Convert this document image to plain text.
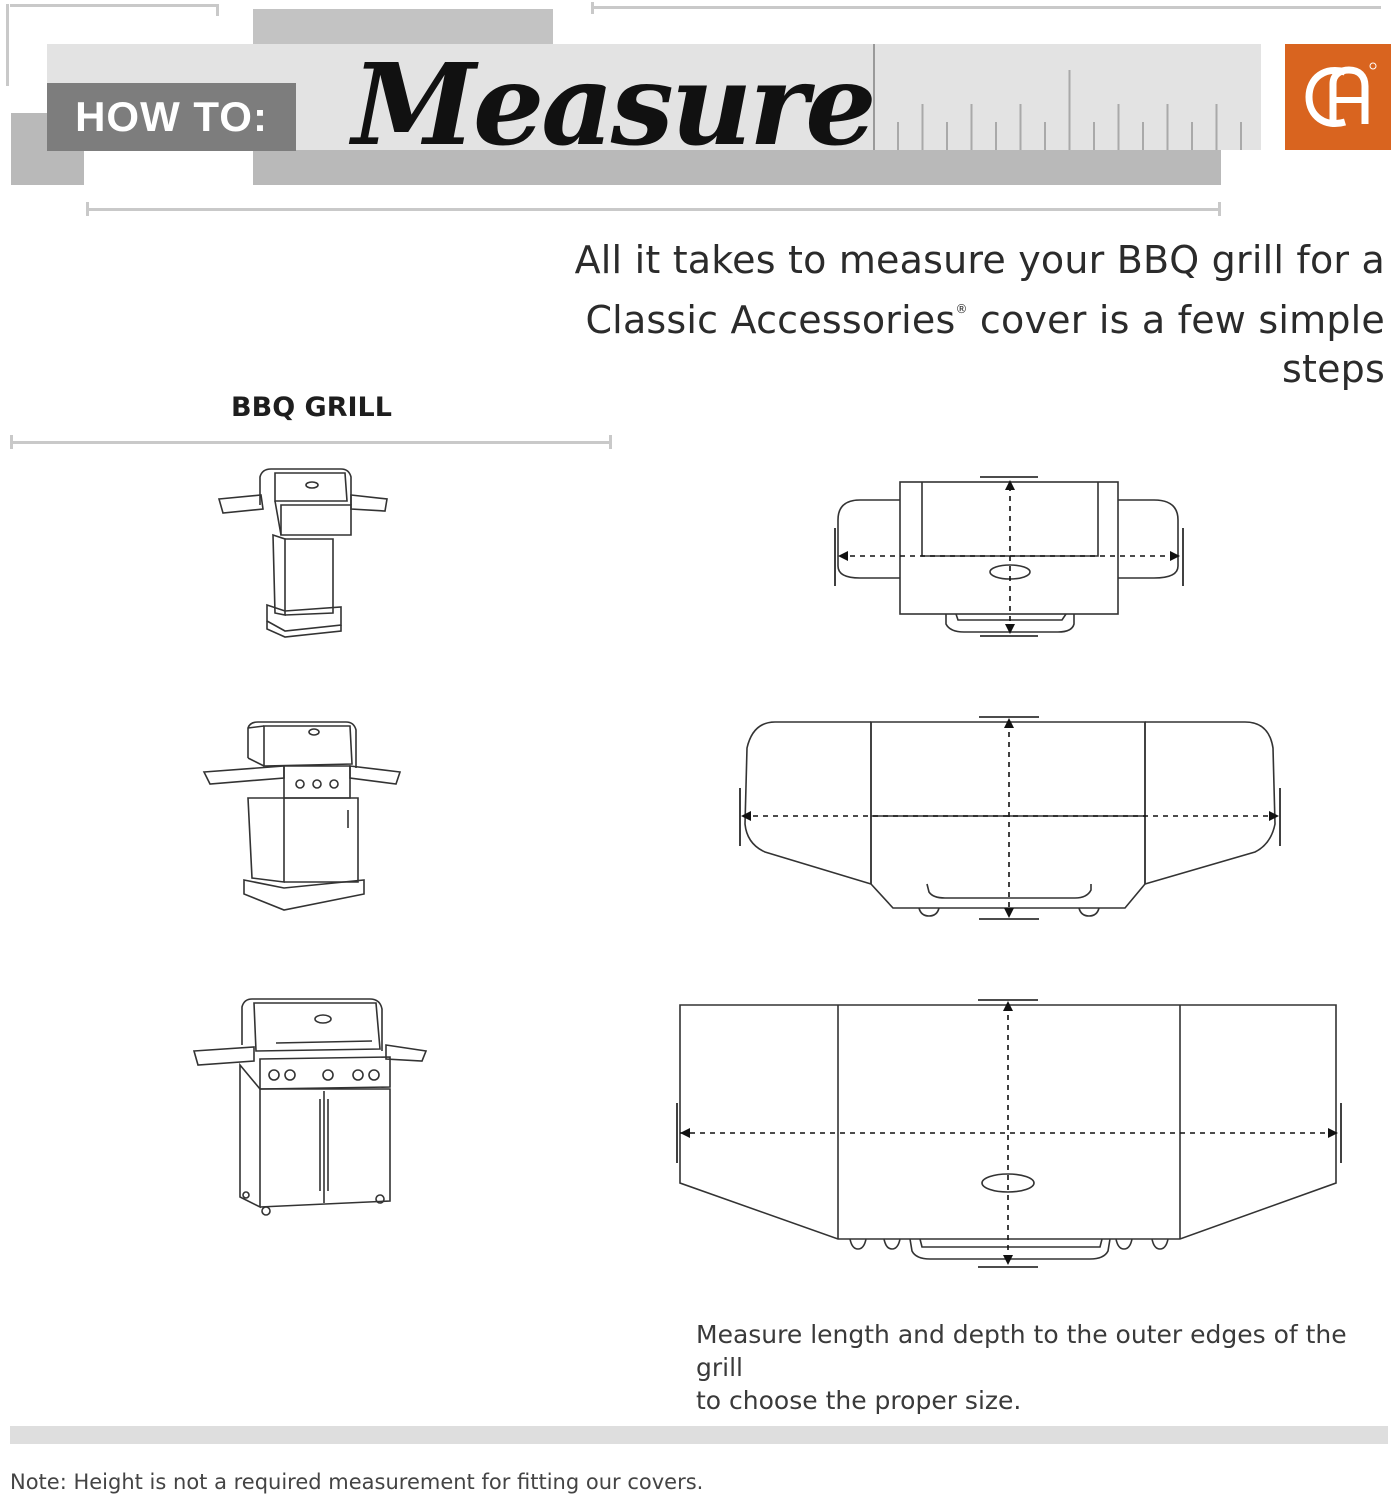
HOW TO: Measure
All it takes to measure your BBQ grill for a
Classic Accessories® cover is a few simple steps
BBQ GRILL
Measure length and depth to the outer edges of the grill
to choose the proper size.
Note: Height is not a required measurement for fitting our covers.
